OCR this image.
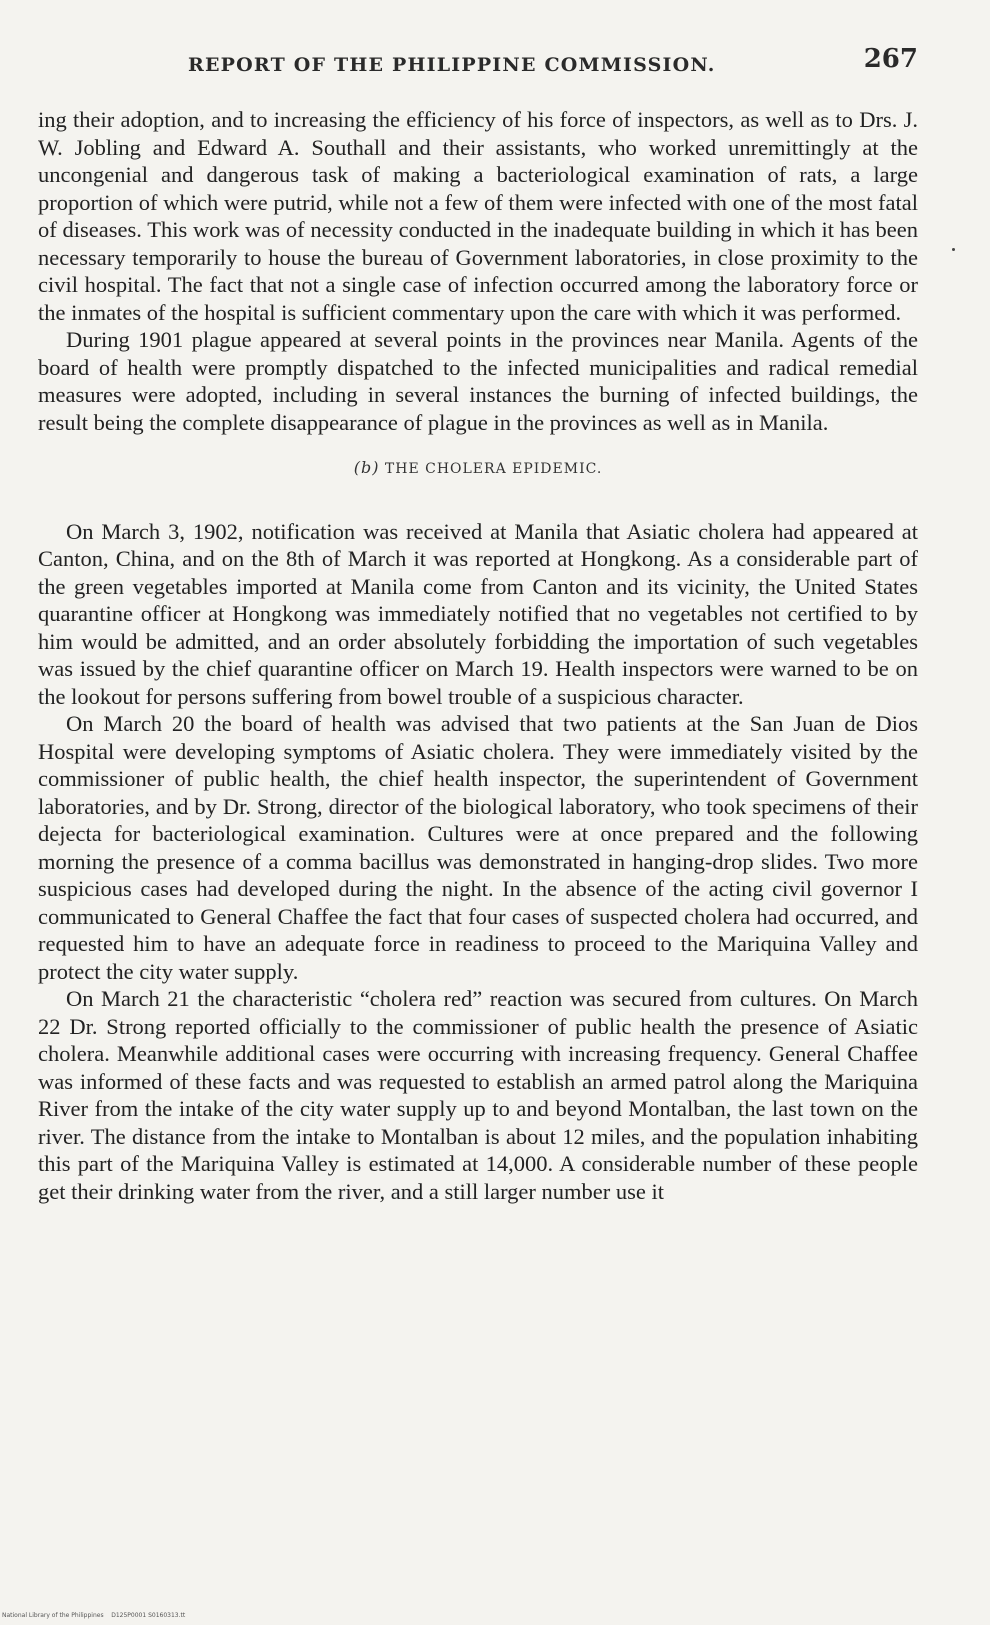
REPORT OF THE PHILIPPINE COMMISSION.	267

ing their adoption, and to increasing the efficiency of his force of inspectors, as well as to Drs. J. W. Jobling and Edward A. Southall and their assistants, who worked unremittingly at the uncongenial and dangerous task of making a bacteriological examination of rats, a large proportion of which were putrid, while not a few of them were infected with one of the most fatal of diseases. This work was of necessity conducted in the inadequate building in which it has been necessary temporarily to house the bureau of Government laboratories, in close proximity to the civil hospital. The fact that not a single case of infection occurred among the laboratory force or the inmates of the hospital is sufficient commentary upon the care with which it was performed.

During 1901 plague appeared at several points in the provinces near Manila. Agents of the board of health were promptly dispatched to the infected municipalities and radical remedial measures were adopted, including in several instances the burning of infected buildings, the result being the complete disappearance of plague in the provinces as well as in Manila.

(b) THE CHOLERA EPIDEMIC.

On March 3, 1902, notification was received at Manila that Asiatic cholera had appeared at Canton, China, and on the 8th of March it was reported at Hongkong. As a considerable part of the green vegetables imported at Manila come from Canton and its vicinity, the United States quarantine officer at Hongkong was immediately notified that no vegetables not certified to by him would be admitted, and an order absolutely forbidding the importation of such vegetables was issued by the chief quarantine officer on March 19. Health inspectors were warned to be on the lookout for persons suffering from bowel trouble of a suspicious character.

On March 20 the board of health was advised that two patients at the San Juan de Dios Hospital were developing symptoms of Asiatic cholera. They were immediately visited by the commissioner of public health, the chief health inspector, the superintendent of Government laboratories, and by Dr. Strong, director of the biological laboratory, who took specimens of their dejecta for bacteriological examination. Cultures were at once prepared and the following morning the presence of a comma bacillus was demonstrated in hanging-drop slides. Two more suspicious cases had developed during the night. In the absence of the acting civil governor I communicated to General Chaffee the fact that four cases of suspected cholera had occurred, and requested him to have an adequate force in readiness to proceed to the Mariquina Valley and protect the city water supply.

On March 21 the characteristic “cholera red” reaction was secured from cultures. On March 22 Dr. Strong reported officially to the commissioner of public health the presence of Asiatic cholera. Meanwhile additional cases were occurring with increasing frequency. General Chaffee was informed of these facts and was requested to establish an armed patrol along the Mariquina River from the intake of the city water supply up to and beyond Montalban, the last town on the river. The distance from the intake to Montalban is about 12 miles, and the population inhabiting this part of the Mariquina Valley is estimated at 14,000. A considerable number of these people get their drinking water from the river, and a still larger number use it

National Library of the Philippines    D125P0001 S0160313.tt
